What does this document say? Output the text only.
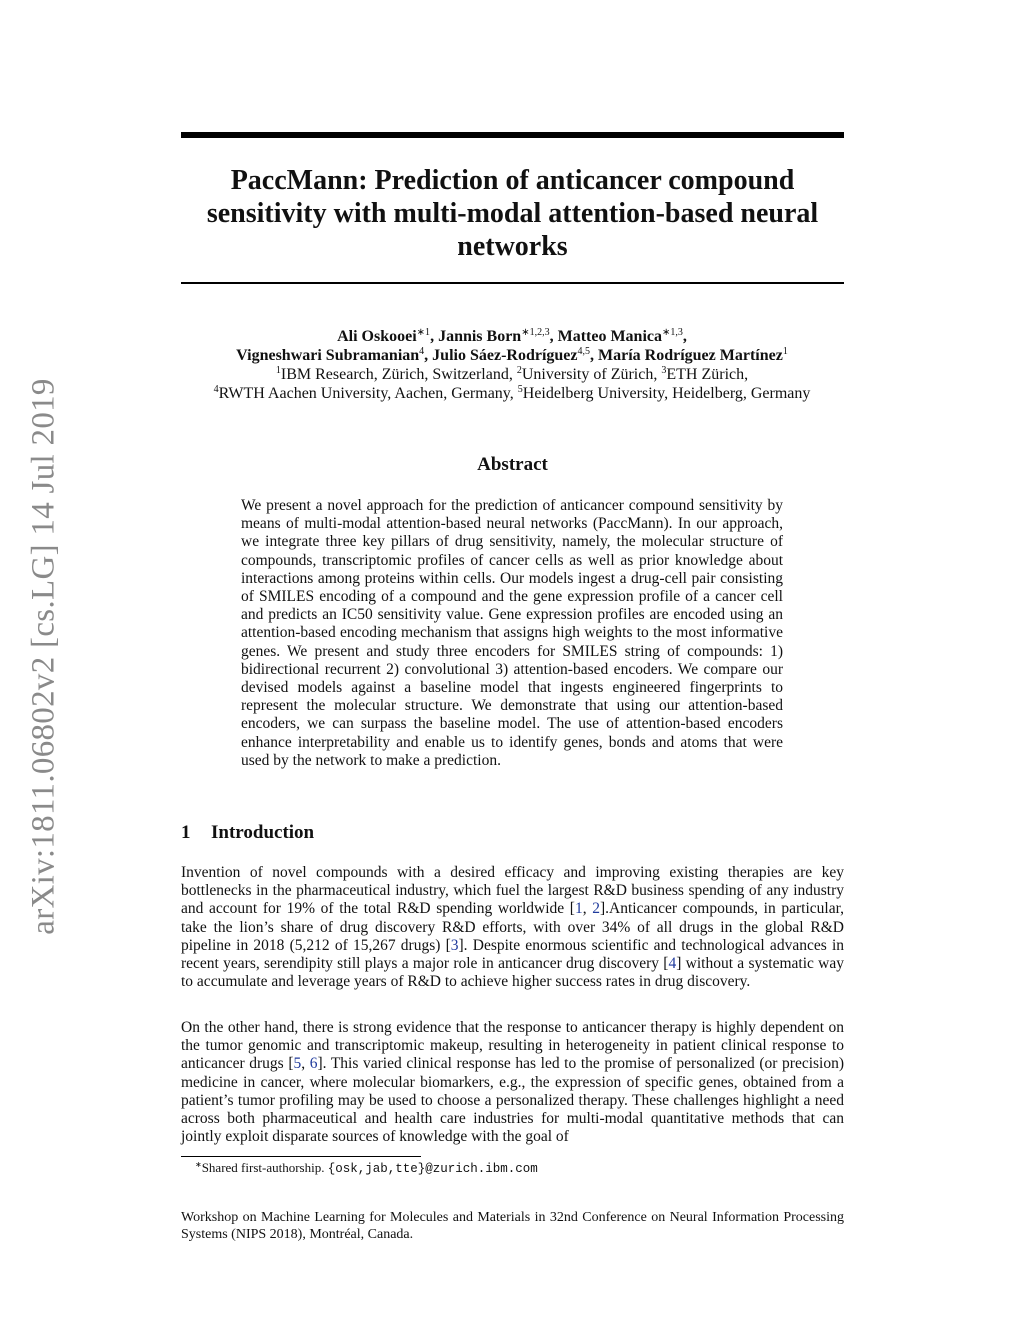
arXiv:1811.06802v2 [cs.LG] 14 Jul 2019
PaccMann: Prediction of anticancer compound sensitivity with multi-modal attention-based neural networks
Ali Oskooei$^{∗1}$, Jannis Born$^{∗1,2,3}$, Matteo Manica$^{∗1,3}$,
Vigneshwari Subramanian$^4$, Julio Sáez-Rodríguez$^{4,5}$, María Rodríguez Martínez$^1$
$^1$IBM Research, Zürich, Switzerland, $^2$University of Zürich, $^3$ETH Zürich,
$^4$RWTH Aachen University, Aachen, Germany, $^5$Heidelberg University, Heidelberg, Germany
Abstract
We present a novel approach for the prediction of anticancer compound sensitivity by means of multi-modal attention-based neural networks (PaccMann). In our approach, we integrate three key pillars of drug sensitivity, namely, the molecular structure of compounds, transcriptomic profiles of cancer cells as well as prior knowledge about interactions among proteins within cells. Our models ingest a drug-cell pair consisting of SMILES encoding of a compound and the gene expression profile of a cancer cell and predicts an IC50 sensitivity value. Gene expression profiles are encoded using an attention-based encoding mechanism that assigns high weights to the most informative genes. We present and study three encoders for SMILES string of compounds: 1) bidirectional recurrent 2) convolutional 3) attention-based encoders. We compare our devised models against a baseline model that ingests engineered fingerprints to represent the molecular structure. We demonstrate that using our attention-based encoders, we can surpass the baseline model. The use of attention-based encoders enhance interpretability and enable us to identify genes, bonds and atoms that were used by the network to make a prediction.
1 Introduction
Invention of novel compounds with a desired efficacy and improving existing therapies are key bottlenecks in the pharmaceutical industry, which fuel the largest R&D business spending of any industry and account for 19% of the total R&D spending worldwide [1, 2].Anticancer compounds, in particular, take the lion’s share of drug discovery R&D efforts, with over 34% of all drugs in the global R&D pipeline in 2018 (5,212 of 15,267 drugs) [3]. Despite enormous scientific and technological advances in recent years, serendipity still plays a major role in anticancer drug discovery [4] without a systematic way to accumulate and leverage years of R&D to achieve higher success rates in drug discovery.
On the other hand, there is strong evidence that the response to anticancer therapy is highly dependent on the tumor genomic and transcriptomic makeup, resulting in heterogeneity in patient clinical response to anticancer drugs [5, 6]. This varied clinical response has led to the promise of personalized (or precision) medicine in cancer, where molecular biomarkers, e.g., the expression of specific genes, obtained from a patient’s tumor profiling may be used to choose a personalized therapy. These challenges highlight a need across both pharmaceutical and health care industries for multi-modal quantitative methods that can jointly exploit disparate sources of knowledge with the goal of
∗Shared first-authorship. {osk,jab,tte}@zurich.ibm.com
Workshop on Machine Learning for Molecules and Materials in 32nd Conference on Neural Information Processing Systems (NIPS 2018), Montréal, Canada.
